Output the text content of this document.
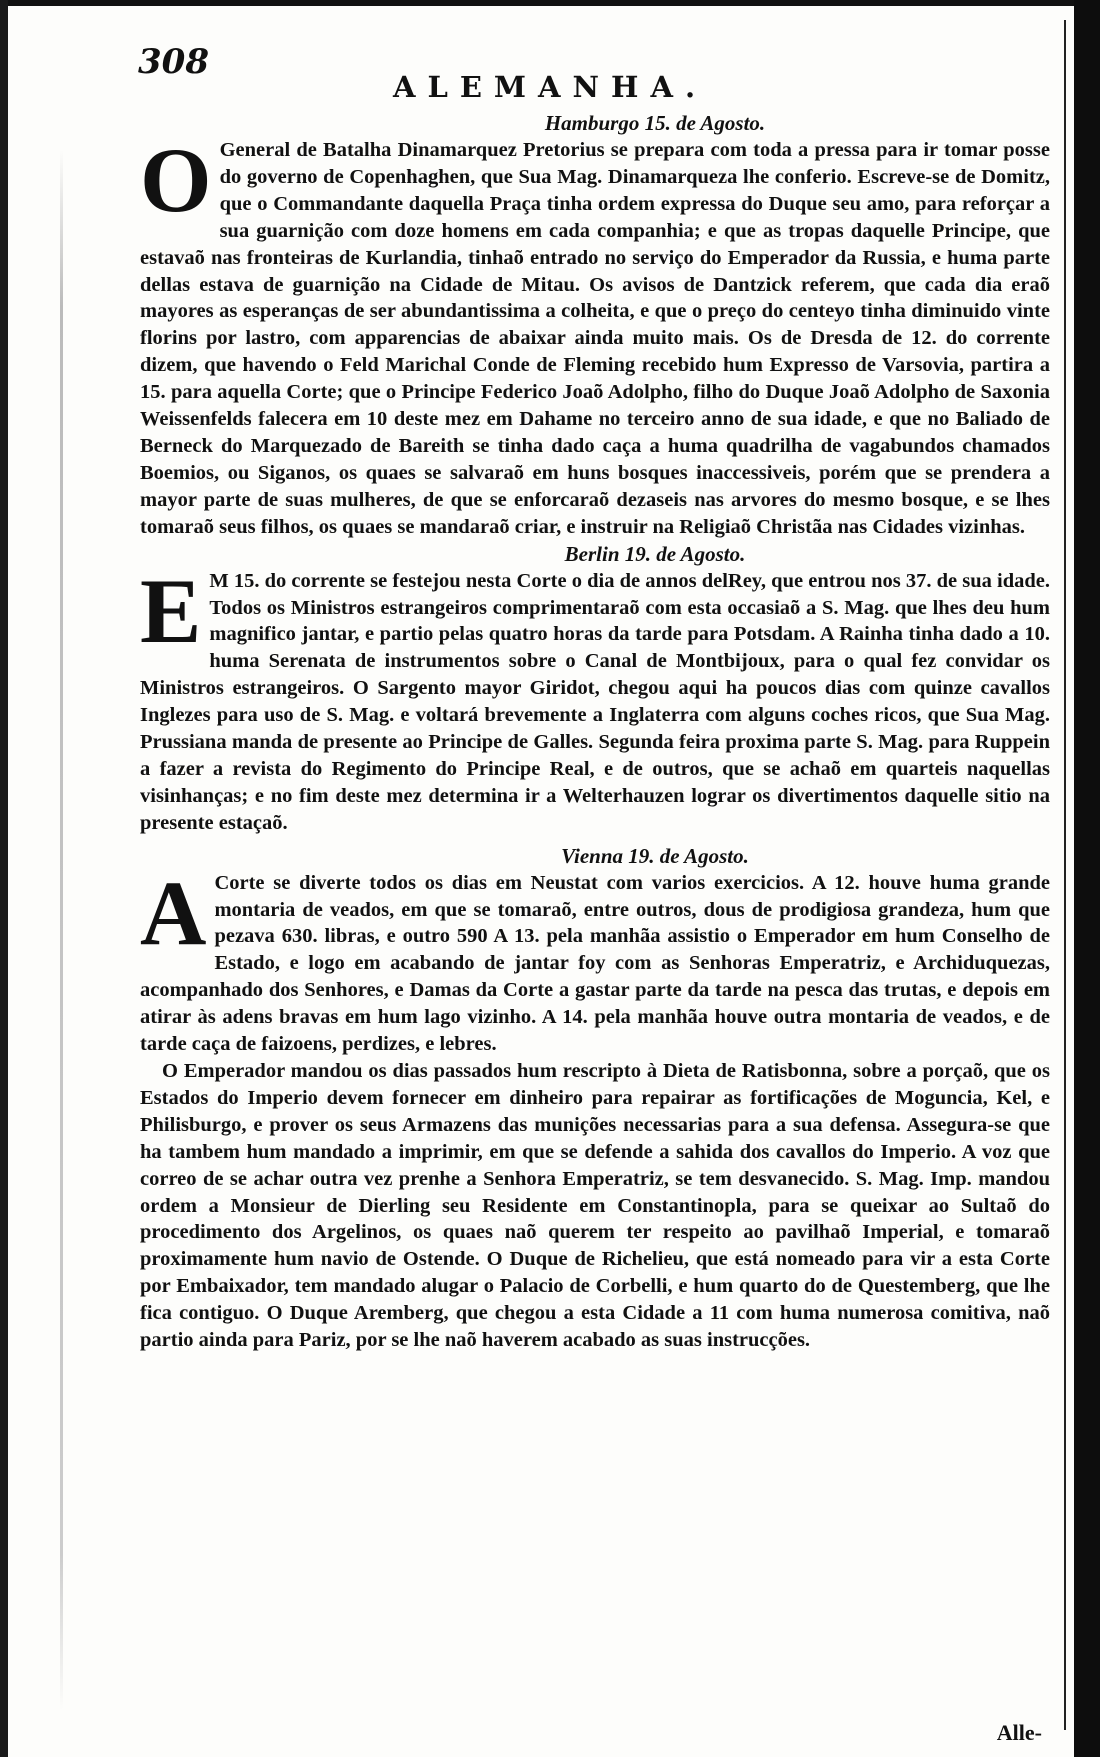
308
ALEMANHA.
Hamburgo 15. de Agosto.

O General de Batalha Dinamarquez Pretorius se prepara com toda a pressa para ir tomar posse do governo de Copenhaghen, que Sua Mag. Dinamarqueza lhe conferio. Escreve-se de Domitz, que o Commandante daquella Praça tinha ordem expressa do Duque seu amo, para reforçar a sua guarnição com doze homens em cada companhia; e que as tropas daquelle Principe, que estavaõ nas fronteiras de Kurlandia, tinhaõ entrado no serviço do Emperador da Russia, e huma parte dellas estava de guarnição na Cidade de Mitau. Os avisos de Dantzick referem, que cada dia eraõ mayores as esperanças de ser abundantissima a colheita, e que o preço do centeyo tinha diminuido vinte florins por lastro, com apparencias de abaixar ainda muito mais. Os de Dresda de 12. do corrente dizem, que havendo o Feld Marichal Conde de Fleming recebido hum Expresso de Varsovia, partira a 15. para aquella Corte; que o Principe Federico Joaõ Adolpho, filho do Duque Joaõ Adolpho de Saxonia Weissenfelds falecera em 10 deste mez em Dahame no terceiro anno de sua idade, e que no Baliado de Berneck do Marquezado de Bareith se tinha dado caça a huma quadrilha de vagabundos chamados Boemios, ou Siganos, os quaes se salvaraõ em huns bosques inaccessiveis, porém que se prendera a mayor parte de suas mulheres, de que se enforcaraõ dezaseis nas arvores do mesmo bosque, e se lhes tomaraõ seus filhos, os quaes se mandaraõ criar, e instruir na Religiaõ Christãa nas Cidades vizinhas.

Berlin 19. de Agosto.

E M 15. do corrente se festejou nesta Corte o dia de annos delRey, que entrou nos 37. de sua idade. Todos os Ministros estrangeiros comprimentaraõ com esta occasiaõ a S. Mag. que lhes deu hum magnifico jantar, e partio pelas quatro horas da tarde para Potsdam. A Rainha tinha dado a 10. huma Serenata de instrumentos sobre o Canal de Montbijoux, para o qual fez convidar os Ministros estrangeiros. O Sargento mayor Giridot, chegou aqui ha poucos dias com quinze cavallos Inglezes para uso de S. Mag. e voltará brevemente a Inglaterra com alguns coches ricos, que Sua Mag. Prussiana manda de presente ao Principe de Galles. Segunda feira proxima parte S. Mag. para Ruppein a fazer a revista do Regimento do Principe Real, e de outros, que se achaõ em quarteis naquellas visinhanças; e no fim deste mez determina ir a Welterhauzen lograr os divertimentos daquelle sitio na presente estaçaõ.

Vienna 19. de Agosto.

A Corte se diverte todos os dias em Neustat com varios exercicios. A 12. houve huma grande montaria de veados, em que se tomaraõ, entre outros, dous de prodigiosa grandeza, hum que pezava 630. libras, e outro 590 A 13. pela manhãa assistio o Emperador em hum Conselho de Estado, e logo em acabando de jantar foy com as Senhoras Emperatriz, e Archiduquezas, acompanhado dos Senhores, e Damas da Corte a gastar parte da tarde na pesca das trutas, e depois em atirar às adens bravas em hum lago vizinho. A 14. pela manhãa houve outra montaria de veados, e de tarde caça de faizoens, perdizes, e lebres.

O Emperador mandou os dias passados hum rescripto à Dieta de Ratisbonna, sobre a porçaõ, que os Estados do Imperio devem fornecer em dinheiro para repairar as fortificações de Moguncia, Kel, e Philisburgo, e prover os seus Armazens das munições necessarias para a sua defensa. Assegura-se que ha tambem hum mandado a imprimir, em que se defende a sahida dos cavallos do Imperio. A voz que correo de se achar outra vez prenhe a Senhora Emperatriz, se tem desvanecido. S. Mag. Imp. mandou ordem a Monsieur de Dierling seu Residente em Constantinopla, para se queixar ao Sultaõ do procedimento dos Argelinos, os quaes naõ querem ter respeito ao pavilhaõ Imperial, e tomaraõ proximamente hum navio de Ostende. O Duque de Richelieu, que está nomeado para vir a esta Corte por Embaixador, tem mandado alugar o Palacio de Corbelli, e hum quarto do de Questemberg, que lhe fica contiguo. O Duque Aremberg, que chegou a esta Cidade a 11 com huma numerosa comitiva, naõ partio ainda para Pariz, por se lhe naõ haverem acabado as suas instrucções.

Alle-
